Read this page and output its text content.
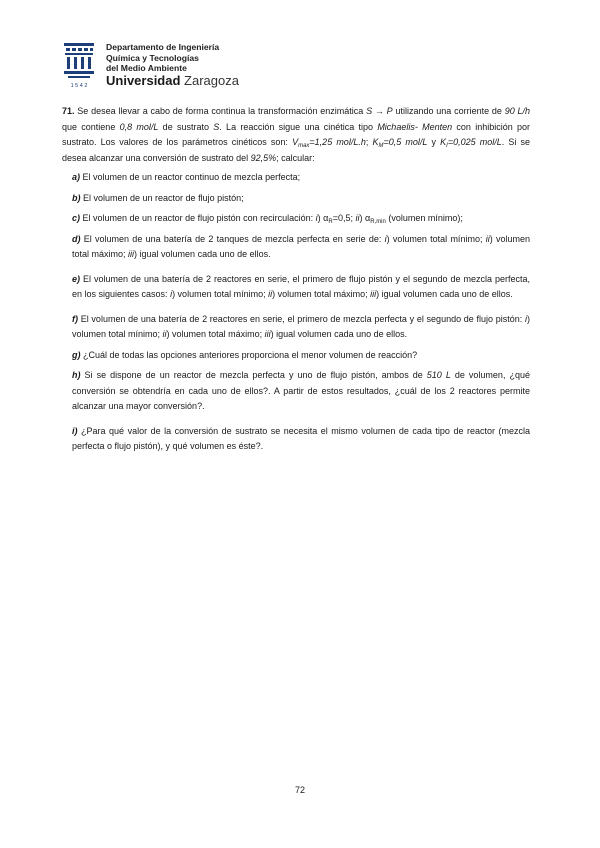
1 5 4 2
Departamento de Ingeniería
Química y Tecnologías
del Medio Ambiente
Universidad Zaragoza

71. Se desea llevar a cabo de forma continua la transformación enzimática S → P utilizando una corriente de 90 L/h que contiene 0,8 mol/L de sustrato S. La reacción sigue una cinética tipo Michaelis- Menten con inhibición por sustrato. Los valores de los parámetros cinéticos son: $V_{max}=1,25$ mol/L.h; $K_M=0,5$ mol/L y $K_I=0,025$ mol/L. Si se desea alcanzar una conversión de sustrato del 92,5%; calcular:

a) El volumen de un reactor continuo de mezcla perfecta;
b) El volumen de un reactor de flujo pistón;
c) El volumen de un reactor de flujo pistón con recirculación: i) $\alpha_R=0,5$; ii) $\alpha_{R,min}$ (volumen mínimo);
d) El volumen de una batería de 2 tanques de mezcla perfecta en serie de: i) volumen total mínimo; ii) volumen total máximo; iii) igual volumen cada uno de ellos.
e) El volumen de una batería de 2 reactores en serie, el primero de flujo pistón y el segundo de mezcla perfecta, en los siguientes casos: i) volumen total mínimo; ii) volumen total máximo; iii) igual volumen cada uno de ellos.
f) El volumen de una batería de 2 reactores en serie, el primero de mezcla perfecta y el segundo de flujo pistón: i) volumen total mínimo; ii) volumen total máximo; iii) igual volumen cada uno de ellos.
g) ¿Cuál de todas las opciones anteriores proporciona el menor volumen de reacción?
h) Si se dispone de un reactor de mezcla perfecta y uno de flujo pistón, ambos de 510 L de volumen, ¿qué conversión se obtendría en cada uno de ellos?. A partir de estos resultados, ¿cuál de los 2 reactores permite alcanzar una mayor conversión?.
i) ¿Para qué valor de la conversión de sustrato se necesita el mismo volumen de cada tipo de reactor (mezcla perfecta o flujo pistón), y qué volumen es éste?.
72
